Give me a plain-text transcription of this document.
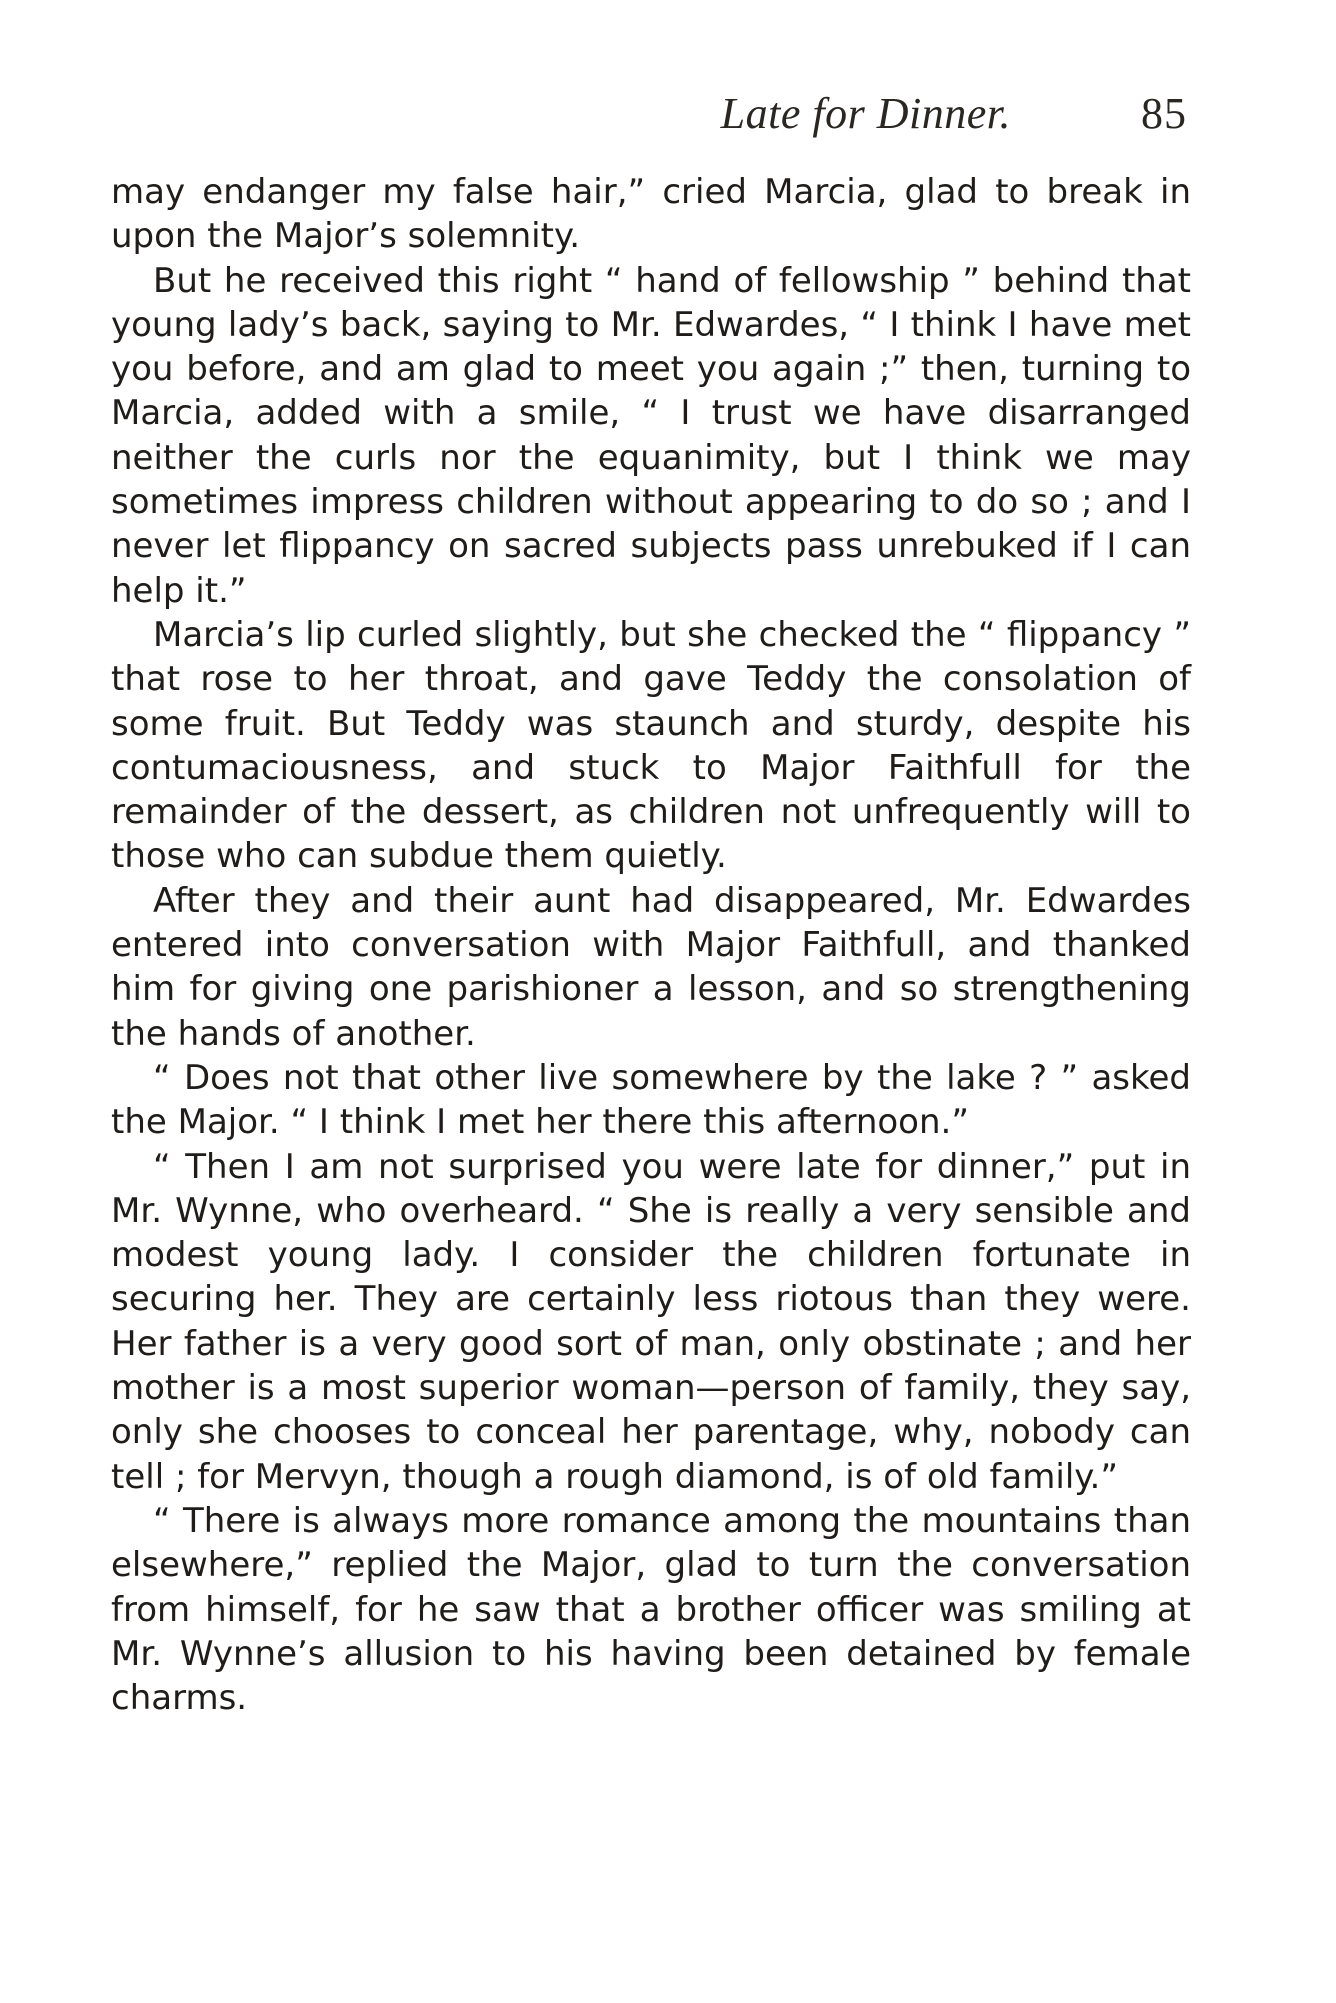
Late for Dinner.	85

may endanger my false hair,” cried Marcia, glad to break in upon the Major’s solemnity.

But he received this right “ hand of fellowship ” behind that young lady’s back, saying to Mr. Edwardes, “ I think I have met you before, and am glad to meet you again ;” then, turning to Marcia, added with a smile, “ I trust we have disarranged neither the curls nor the equanimity, but I think we may sometimes impress children without appearing to do so ; and I never let flippancy on sacred subjects pass unrebuked if I can help it.”

Marcia’s lip curled slightly, but she checked the “ flippancy ” that rose to her throat, and gave Teddy the consolation of some fruit. But Teddy was staunch and sturdy, despite his contumaciousness, and stuck to Major Faithfull for the remainder of the dessert, as children not unfrequently will to those who can subdue them quietly.

After they and their aunt had disappeared, Mr. Edwardes entered into conversation with Major Faithfull, and thanked him for giving one parishioner a lesson, and so strengthening the hands of another.

“ Does not that other live somewhere by the lake ? ” asked the Major. “ I think I met her there this afternoon.”

“ Then I am not surprised you were late for dinner,” put in Mr. Wynne, who overheard. “ She is really a very sensible and modest young lady. I consider the children fortunate in securing her. They are certainly less riotous than they were. Her father is a very good sort of man, only obstinate ; and her mother is a most superior woman—person of family, they say, only she chooses to conceal her parentage, why, nobody can tell ; for Mervyn, though a rough diamond, is of old family.”

“ There is always more romance among the mountains than elsewhere,” replied the Major, glad to turn the conversation from himself, for he saw that a brother officer was smiling at Mr. Wynne’s allusion to his having been detained by female charms.
